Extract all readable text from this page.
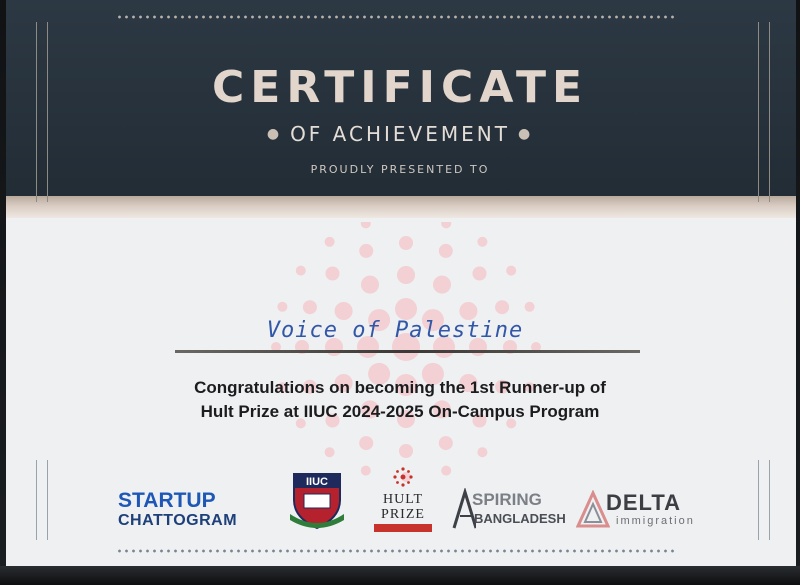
CERTIFICATE
● OF ACHIEVEMENT ●
PROUDLY PRESENTED TO
Voice of Palestine
Congratulations on becoming the 1st Runner-up of
Hult Prize at IIUC 2024-2025 On-Campus Program
STARTUP
CHATTOGRAM
IIUC
HULT
PRIZE
SPIRING
BANGLADESH
DELTA
immigration
